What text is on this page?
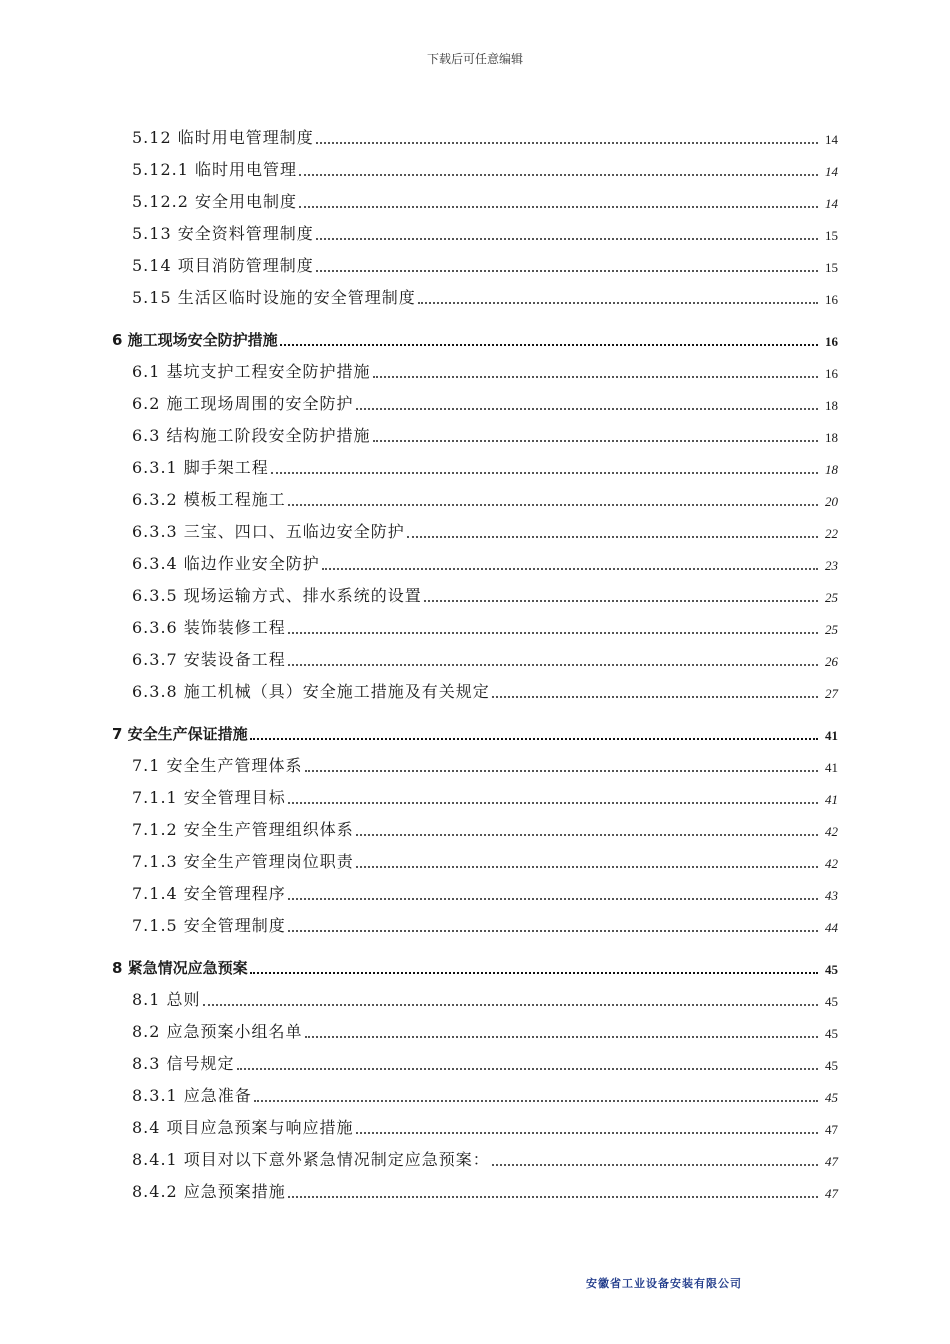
下载后可任意编辑
5.12 临时用电管理制度	14
5.12.1 临时用电管理	14
5.12.2 安全用电制度	14
5.13 安全资料管理制度	15
5.14 项目消防管理制度	15
5.15 生活区临时设施的安全管理制度	16
6 施工现场安全防护措施	16
6.1 基坑支护工程安全防护措施	16
6.2 施工现场周围的安全防护	18
6.3 结构施工阶段安全防护措施	18
6.3.1 脚手架工程	18
6.3.2 模板工程施工	20
6.3.3 三宝、四口、五临边安全防护	22
6.3.4 临边作业安全防护	23
6.3.5 现场运输方式、排水系统的设置	25
6.3.6 装饰装修工程	25
6.3.7 安装设备工程	26
6.3.8 施工机械（具）安全施工措施及有关规定	27
7 安全生产保证措施	41
7.1 安全生产管理体系	41
7.1.1 安全管理目标	41
7.1.2 安全生产管理组织体系	42
7.1.3 安全生产管理岗位职责	42
7.1.4 安全管理程序	43
7.1.5 安全管理制度	44
8 紧急情况应急预案	45
8.1 总则	45
8.2 应急预案小组名单	45
8.3 信号规定	45
8.3.1 应急准备	45
8.4 项目应急预案与响应措施	47
8.4.1 项目对以下意外紧急情况制定应急预案：	47
8.4.2 应急预案措施	47
安徽省工业设备安装有限公司
